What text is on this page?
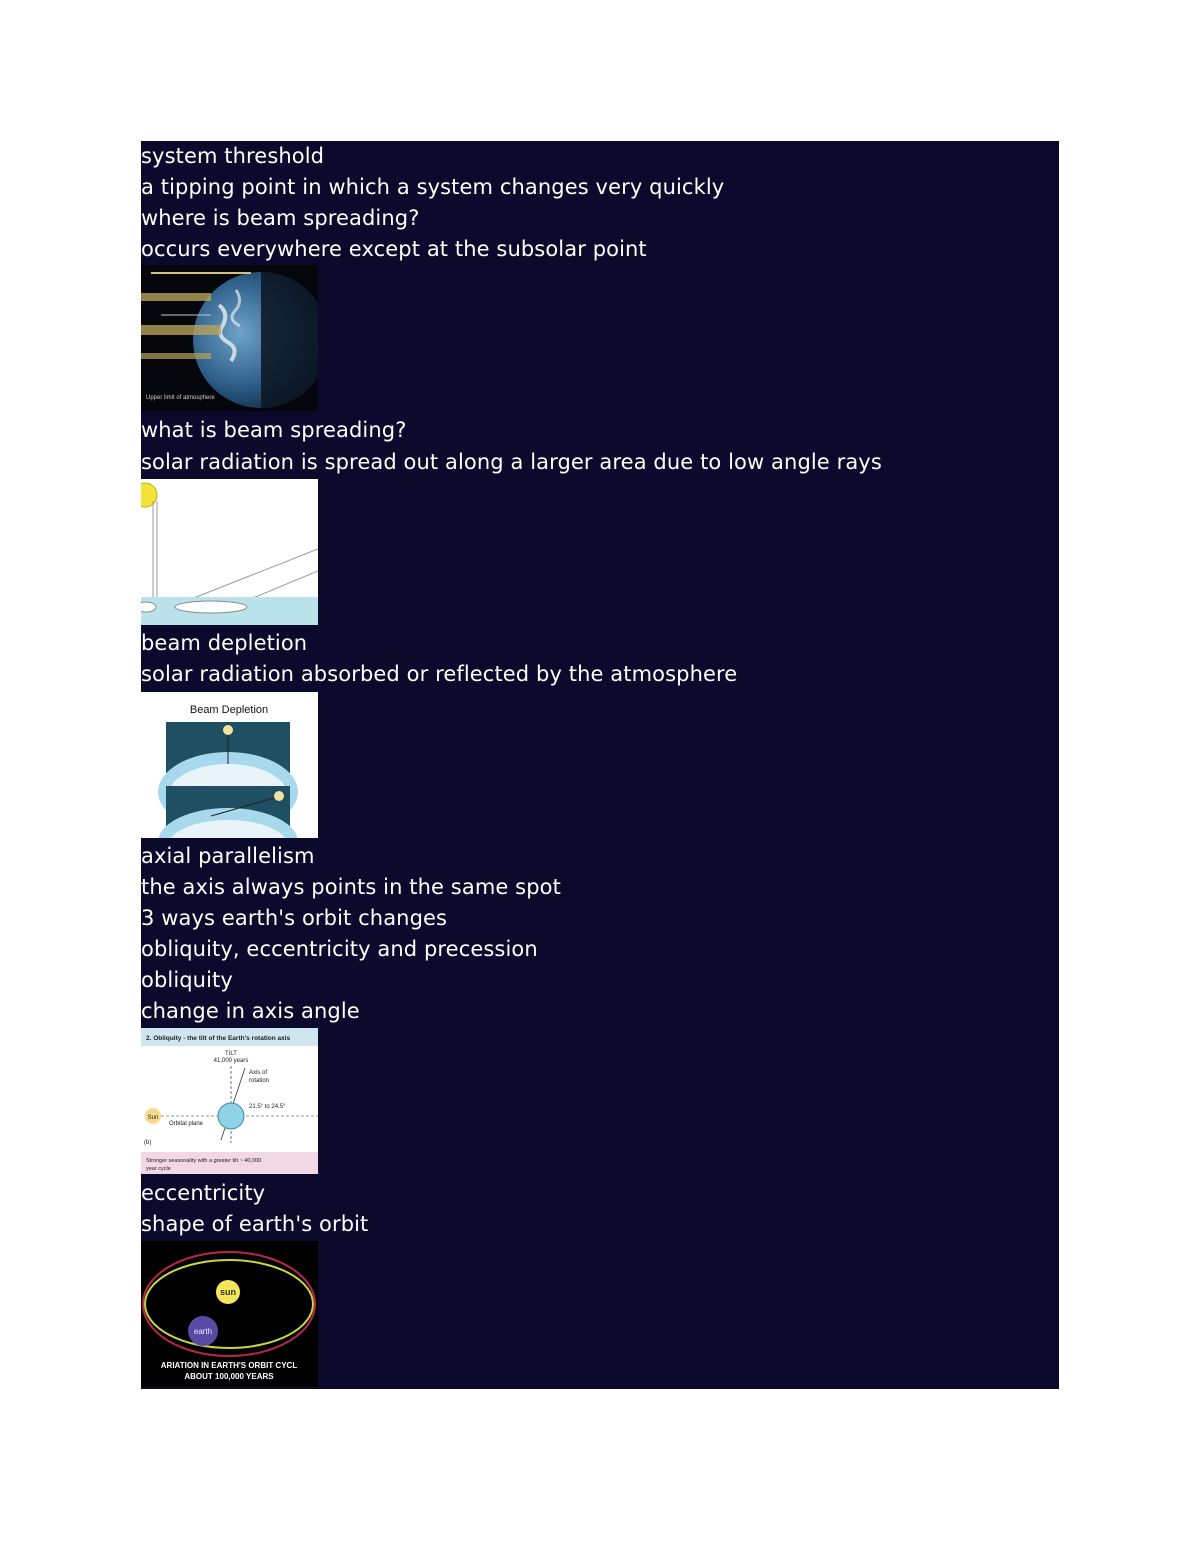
system threshold
a tipping point in which a system changes very quickly
where is beam spreading?
occurs everywhere except at the subsolar point
Upper limit of atmosphere
what is beam spreading?
solar radiation is spread out along a larger area due to low angle rays
beam depletion
solar radiation absorbed or reflected by the atmosphere
Beam Depletion
axial parallelism
the axis always points in the same spot
3 ways earth's orbit changes
obliquity, eccentricity and precession
obliquity
change in axis angle
2. Obliquity - the tilt of the Earth's rotation axis
TILT
41,000 years
Axis of
rotation
21.5° to 24.5°
Sun
Orbital plane
(b)
Stronger seasonality with a greater tilt ~ 40,000
year cycle
eccentricity
shape of earth's orbit
sun
earth
ARIATION IN EARTH'S ORBIT CYCL
ABOUT 100,000 YEARS
